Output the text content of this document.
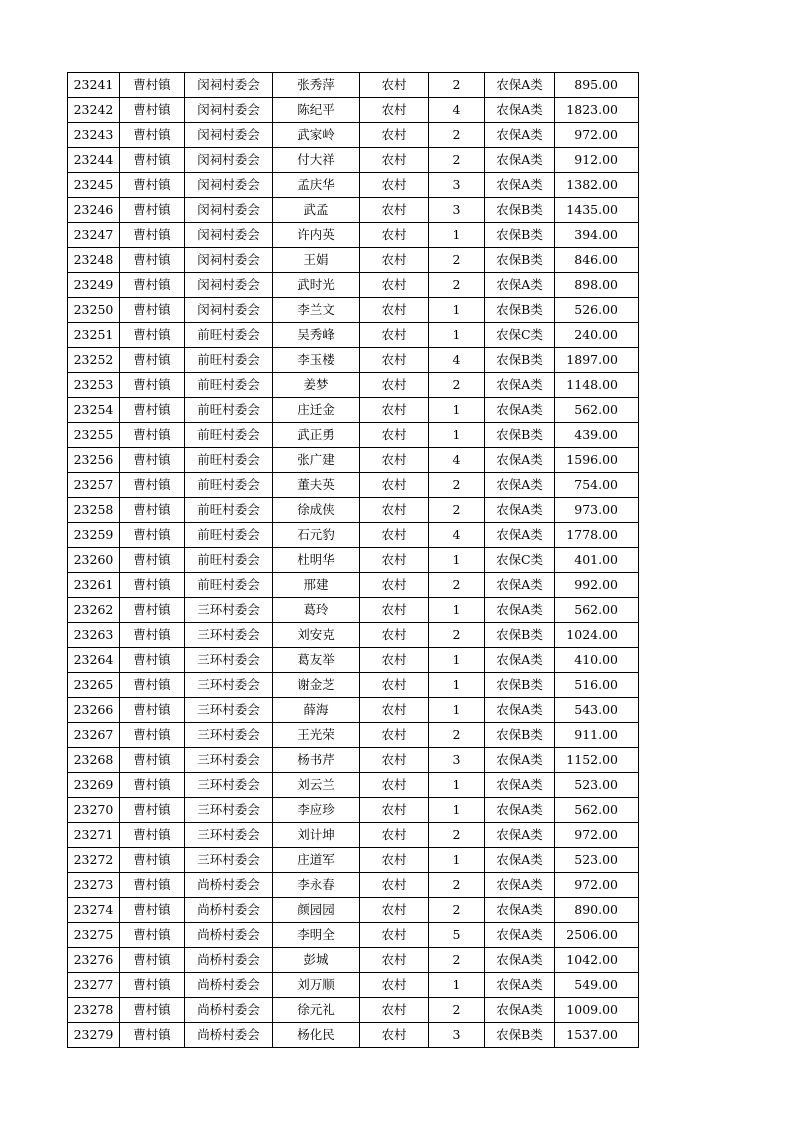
23241	曹村镇	闵祠村委会	张秀萍	农村	2	农保A类	895.00
23242	曹村镇	闵祠村委会	陈纪平	农村	4	农保A类	1823.00
23243	曹村镇	闵祠村委会	武家岭	农村	2	农保A类	972.00
23244	曹村镇	闵祠村委会	付大祥	农村	2	农保A类	912.00
23245	曹村镇	闵祠村委会	孟庆华	农村	3	农保A类	1382.00
23246	曹村镇	闵祠村委会	武孟	农村	3	农保B类	1435.00
23247	曹村镇	闵祠村委会	许内英	农村	1	农保B类	394.00
23248	曹村镇	闵祠村委会	王娟	农村	2	农保B类	846.00
23249	曹村镇	闵祠村委会	武时光	农村	2	农保A类	898.00
23250	曹村镇	闵祠村委会	李兰文	农村	1	农保B类	526.00
23251	曹村镇	前旺村委会	吴秀峰	农村	1	农保C类	240.00
23252	曹村镇	前旺村委会	李玉楼	农村	4	农保B类	1897.00
23253	曹村镇	前旺村委会	姜梦	农村	2	农保A类	1148.00
23254	曹村镇	前旺村委会	庄迁金	农村	1	农保A类	562.00
23255	曹村镇	前旺村委会	武正勇	农村	1	农保B类	439.00
23256	曹村镇	前旺村委会	张广建	农村	4	农保A类	1596.00
23257	曹村镇	前旺村委会	董夫英	农村	2	农保A类	754.00
23258	曹村镇	前旺村委会	徐成侠	农村	2	农保A类	973.00
23259	曹村镇	前旺村委会	石元豹	农村	4	农保A类	1778.00
23260	曹村镇	前旺村委会	杜明华	农村	1	农保C类	401.00
23261	曹村镇	前旺村委会	邢建	农村	2	农保A类	992.00
23262	曹村镇	三环村委会	葛玲	农村	1	农保A类	562.00
23263	曹村镇	三环村委会	刘安克	农村	2	农保B类	1024.00
23264	曹村镇	三环村委会	葛友举	农村	1	农保A类	410.00
23265	曹村镇	三环村委会	谢金芝	农村	1	农保B类	516.00
23266	曹村镇	三环村委会	薛海	农村	1	农保A类	543.00
23267	曹村镇	三环村委会	王光荣	农村	2	农保B类	911.00
23268	曹村镇	三环村委会	杨书芹	农村	3	农保A类	1152.00
23269	曹村镇	三环村委会	刘云兰	农村	1	农保A类	523.00
23270	曹村镇	三环村委会	李应珍	农村	1	农保A类	562.00
23271	曹村镇	三环村委会	刘计坤	农村	2	农保A类	972.00
23272	曹村镇	三环村委会	庄道军	农村	1	农保A类	523.00
23273	曹村镇	尚桥村委会	李永春	农村	2	农保A类	972.00
23274	曹村镇	尚桥村委会	颜园园	农村	2	农保A类	890.00
23275	曹村镇	尚桥村委会	李明全	农村	5	农保A类	2506.00
23276	曹村镇	尚桥村委会	彭城	农村	2	农保A类	1042.00
23277	曹村镇	尚桥村委会	刘万顺	农村	1	农保A类	549.00
23278	曹村镇	尚桥村委会	徐元礼	农村	2	农保A类	1009.00
23279	曹村镇	尚桥村委会	杨化民	农村	3	农保B类	1537.00
